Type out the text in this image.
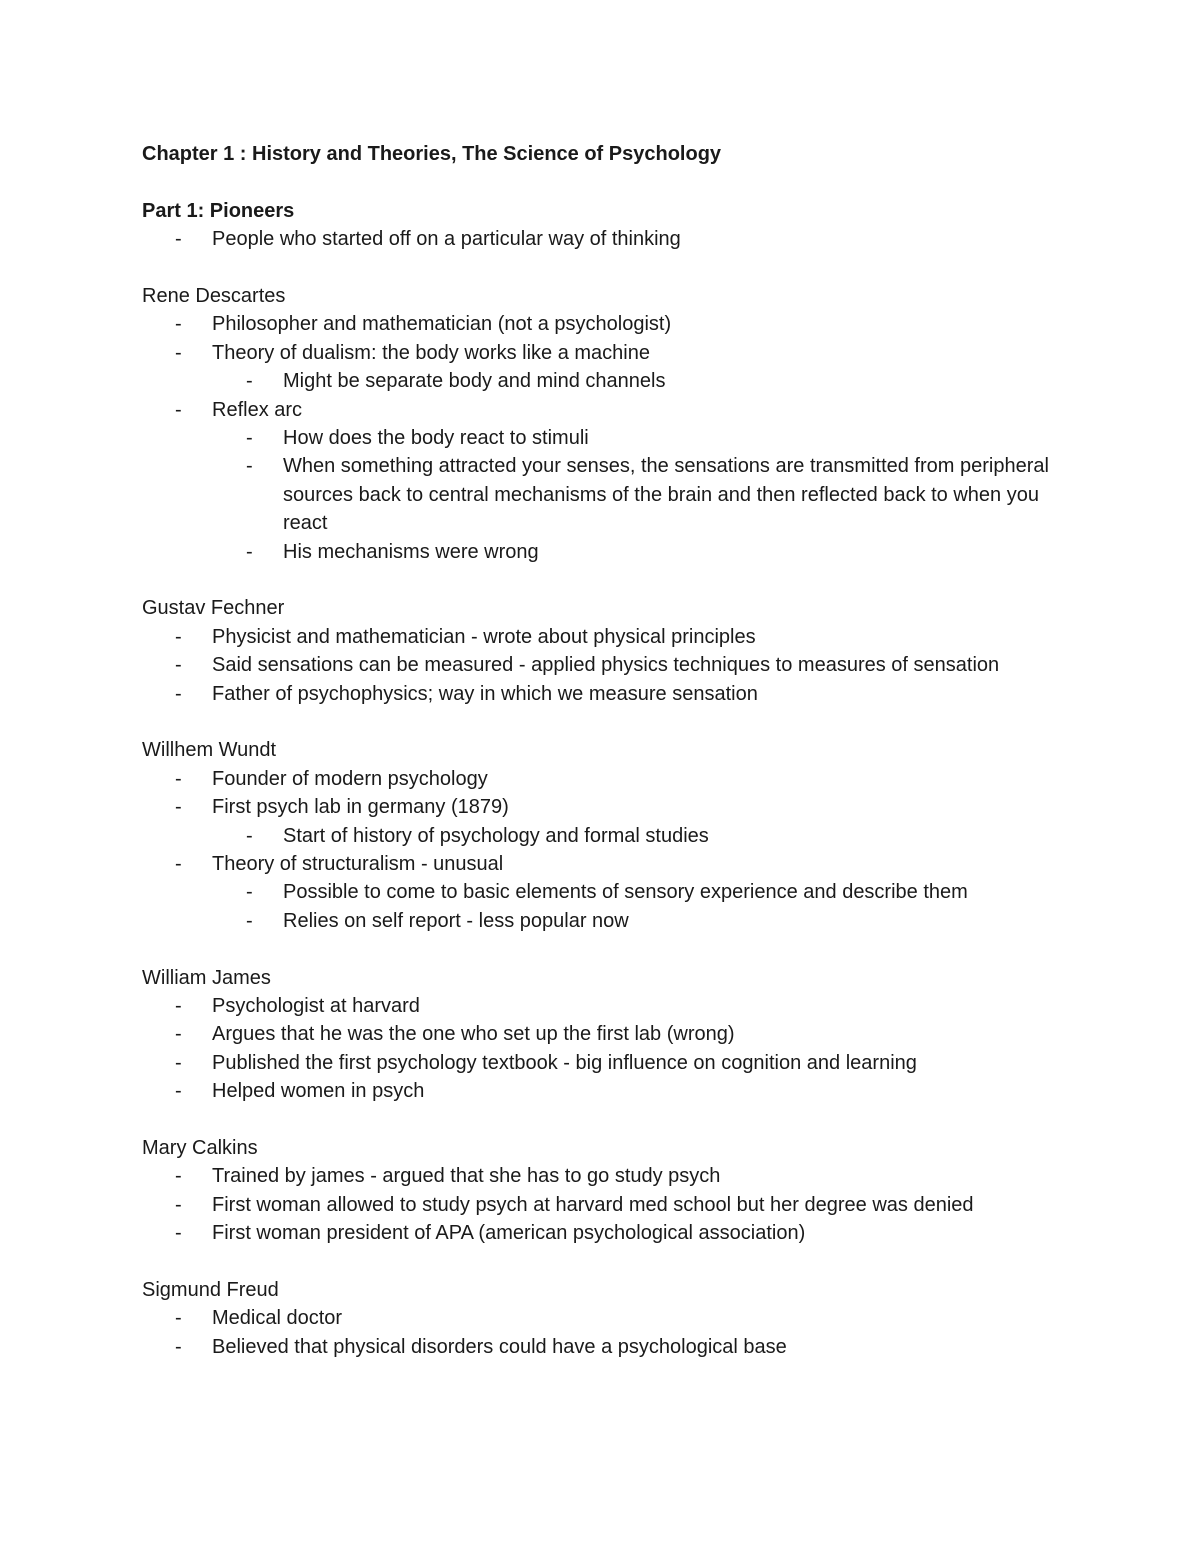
Chapter 1 : History and Theories, The Science of Psychology
Part 1: Pioneers
- People who started off on a particular way of thinking
Rene Descartes
- Philosopher and mathematician (not a psychologist)
- Theory of dualism: the body works like a machine
- Might be separate body and mind channels
- Reflex arc
- How does the body react to stimuli
- When something attracted your senses, the sensations are transmitted from peripheral sources back to central mechanisms of the brain and then reflected back to when you react
- His mechanisms were wrong
Gustav Fechner
- Physicist and mathematician - wrote about physical principles
- Said sensations can be measured - applied physics techniques to measures of sensation
- Father of psychophysics; way in which we measure sensation
Willhem Wundt
- Founder of modern psychology
- First psych lab in germany (1879)
- Start of history of psychology and formal studies
- Theory of structuralism - unusual
- Possible to come to basic elements of sensory experience and describe them
- Relies on self report - less popular now
William James
- Psychologist at harvard
- Argues that he was the one who set up the first lab (wrong)
- Published the first psychology textbook - big influence on cognition and learning
- Helped women in psych
Mary Calkins
- Trained by james - argued that she has to go study psych
- First woman allowed to study psych at harvard med school but her degree was denied
- First woman president of APA (american psychological association)
Sigmund Freud
- Medical doctor
- Believed that physical disorders could have a psychological base
